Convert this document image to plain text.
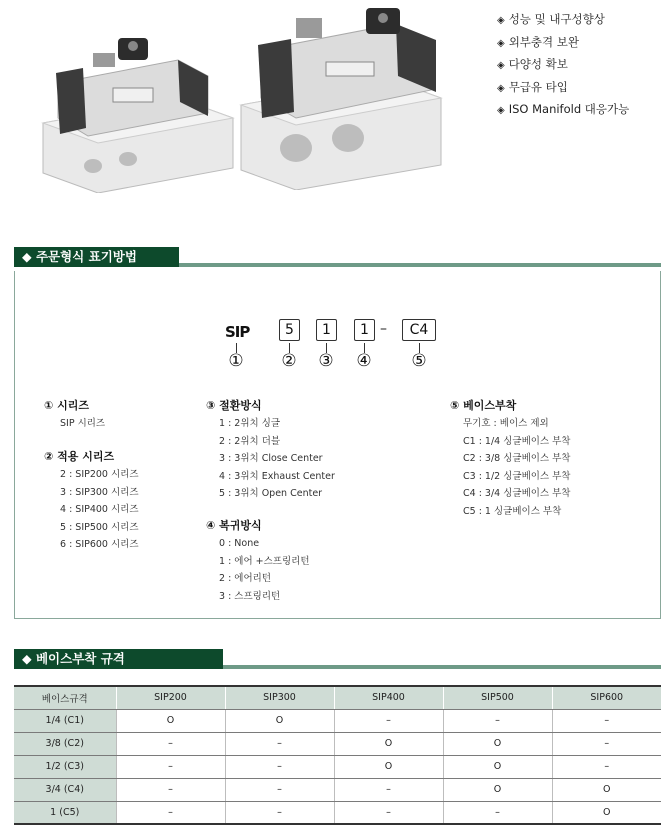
◈ 성능 및 내구성향상
◈ 외부충격 보완
◈ 다양성 확보
◈ 무급유 타입
◈ ISO Manifold 대응가능
◆ 주문형식 표기방법
SIP	5	1	1 –	C4
① ② ③ ④ ⑤
① 시리즈
SIP 시리즈
② 적용 시리즈
2 : SIP200 시리즈
3 : SIP300 시리즈
4 : SIP400 시리즈
5 : SIP500 시리즈
6 : SIP600 시리즈
③ 절환방식
1 : 2위치 싱글
2 : 2위치 더블
3 : 3위치 Close Center
4 : 3위치 Exhaust Center
5 : 3위치 Open Center
④ 복귀방식
0 : None
1 : 에어 +스프링리턴
2 : 에어리턴
3 : 스프링리턴
⑤ 베이스부착
무기호 : 베이스 제외
C1 : 1/4 싱글베이스 부착
C2 : 3/8 싱글베이스 부착
C3 : 1/2 싱글베이스 부착
C4 : 3/4 싱글베이스 부착
C5 : 1 싱글베이스 부착
◆ 베이스부착 규격
베이스규격	SIP200	SIP300	SIP400	SIP500	SIP600
1/4 (C1)	O	O	–	–	–
3/8 (C2)	–	–	O	O	–
1/2 (C3)	–	–	O	O	–
3/4 (C4)	–	–	–	O	O
1 (C5)	–	–	–	–	O
